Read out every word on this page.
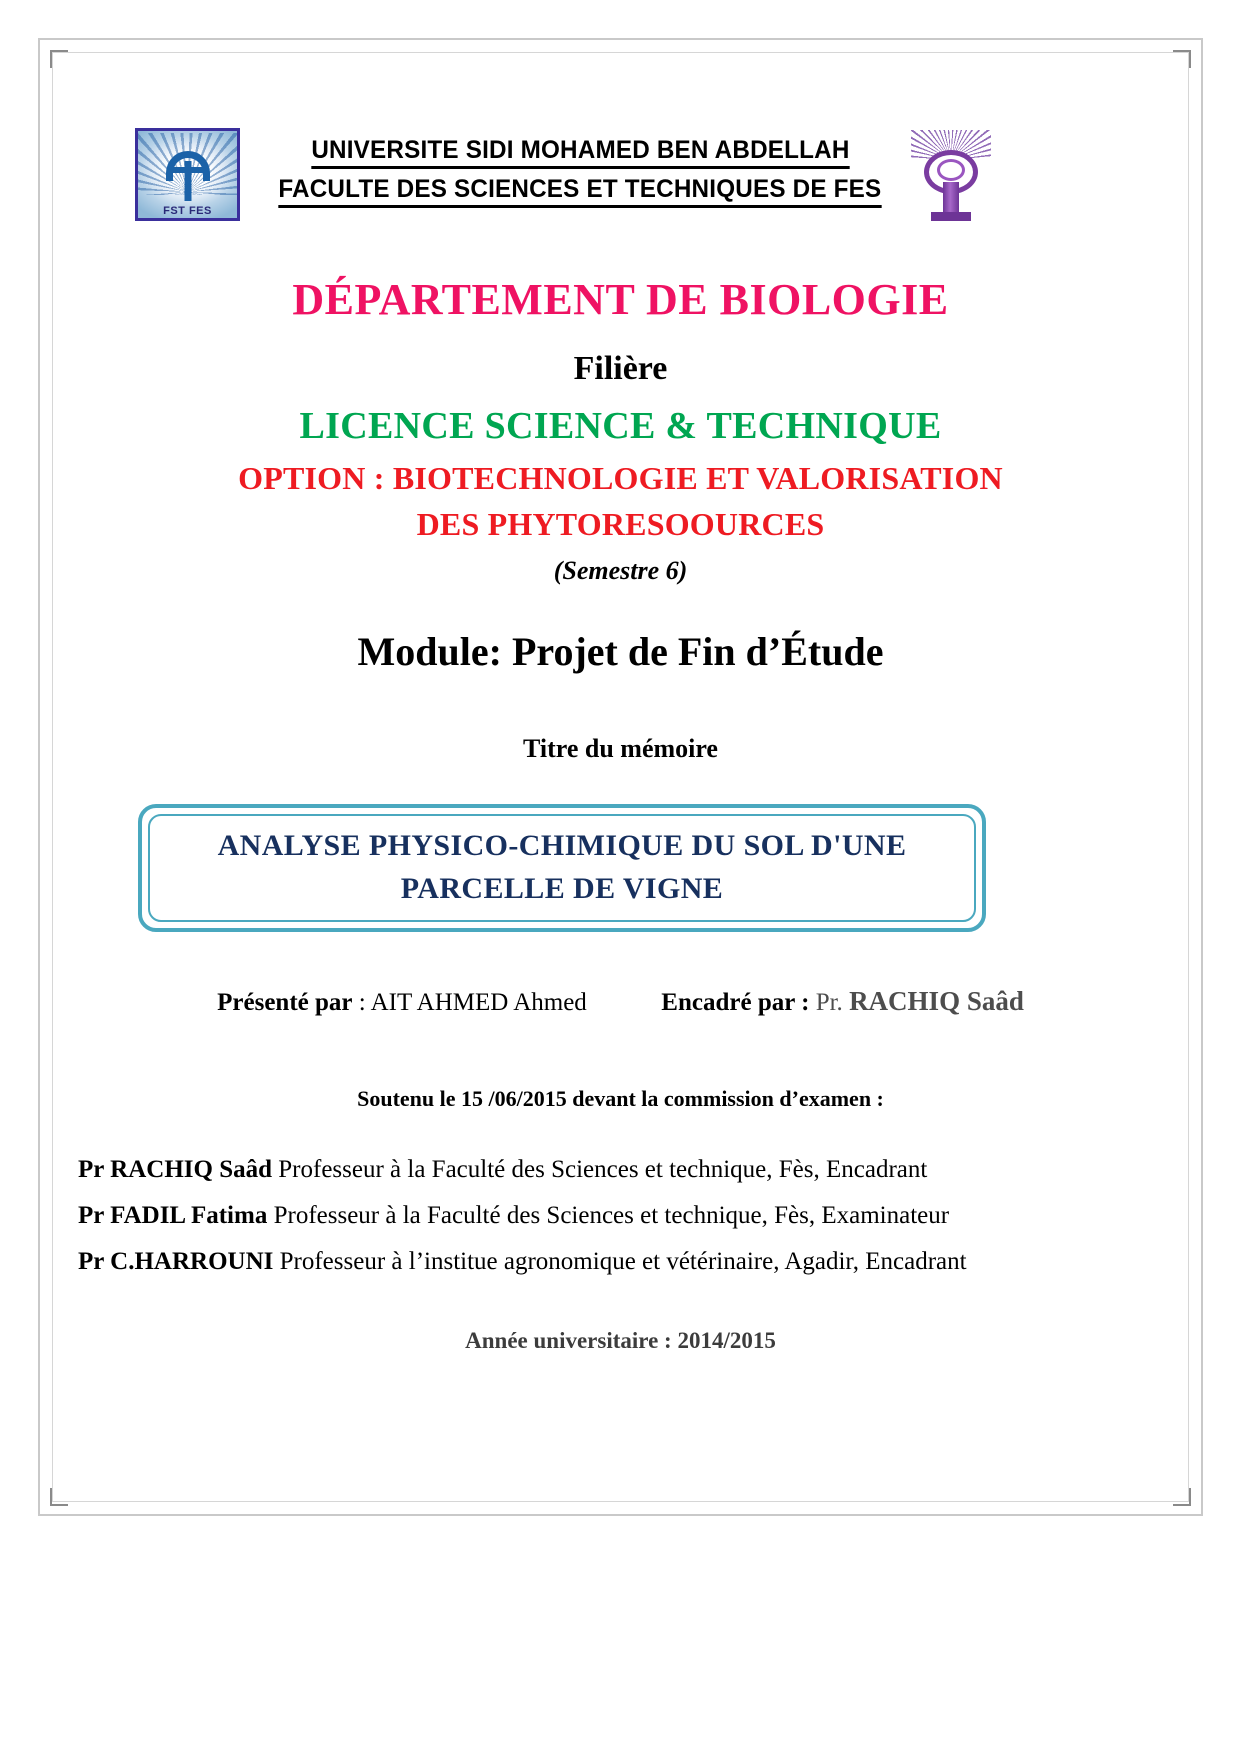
FST FES
UNIVERSITE SIDI MOHAMED BEN ABDELLAH FACULTE DES SCIENCES ET TECHNIQUES DE FES
DÉPARTEMENT DE BIOLOGIE
Filière
LICENCE SCIENCE & TECHNIQUE
OPTION : BIOTECHNOLOGIE ET VALORISATION
DES PHYTORESOOURCES
(Semestre 6)
Module: Projet de Fin d’Étude
Titre du mémoire
ANALYSE PHYSICO-CHIMIQUE DU SOL D'UNE
PARCELLE DE VIGNE
Présenté par : AIT AHMED Ahmed	Encadré par : Pr. RACHIQ Saâd
Soutenu le 15 /06/2015 devant la commission d’examen :
Pr RACHIQ Saâd Professeur à la Faculté des Sciences et technique, Fès, Encadrant
Pr FADIL Fatima Professeur à la Faculté des Sciences et technique, Fès, Examinateur
Pr C.HARROUNI Professeur à l’institue agronomique et vétérinaire, Agadir, Encadrant
Année universitaire : 2014/2015
